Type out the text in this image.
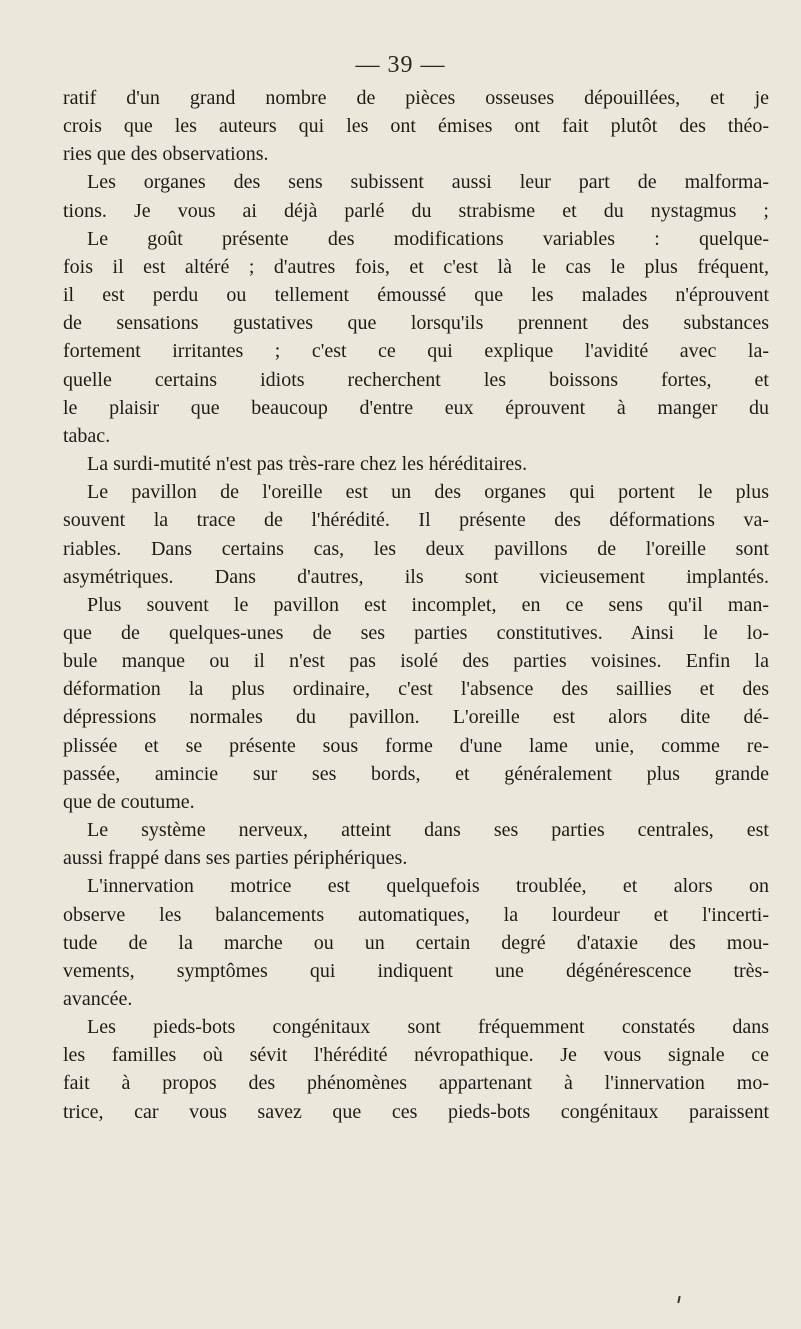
— 39 —

ratif d'un grand nombre de pièces osseuses dépouillées, et je

crois que les auteurs qui les ont émises ont fait plutôt des théo-

ries que des observations.

Les organes des sens subissent aussi leur part de malforma-

tions. Je vous ai déjà parlé du strabisme et du nystagmus ;

Le goût présente des modifications variables : quelque-

fois il est altéré ; d'autres fois, et c'est là le cas le plus fréquent,

il est perdu ou tellement émoussé que les malades n'éprouvent

de sensations gustatives que lorsqu'ils prennent des substances

fortement irritantes ; c'est ce qui explique l'avidité avec la-

quelle certains idiots recherchent les boissons fortes, et

le plaisir que beaucoup d'entre eux éprouvent à manger du

tabac.

La surdi-mutité n'est pas très-rare chez les héréditaires.

Le pavillon de l'oreille est un des organes qui portent le plus

souvent la trace de l'hérédité. Il présente des déformations va-

riables. Dans certains cas, les deux pavillons de l'oreille sont

asymétriques. Dans d'autres, ils sont vicieusement implantés.

Plus souvent le pavillon est incomplet, en ce sens qu'il man-

que de quelques-unes de ses parties constitutives. Ainsi le lo-

bule manque ou il n'est pas isolé des parties voisines. Enfin la

déformation la plus ordinaire, c'est l'absence des saillies et des

dépressions normales du pavillon. L'oreille est alors dite dé-

plissée et se présente sous forme d'une lame unie, comme re-

passée, amincie sur ses bords, et généralement plus grande

que de coutume.

Le système nerveux, atteint dans ses parties centrales, est

aussi frappé dans ses parties périphériques.

L'innervation motrice est quelquefois troublée, et alors on

observe les balancements automatiques, la lourdeur et l'incerti-

tude de la marche ou un certain degré d'ataxie des mou-

vements, symptômes qui indiquent une dégénérescence très-

avancée.

Les pieds-bots congénitaux sont fréquemment constatés dans

les familles où sévit l'hérédité névropathique. Je vous signale ce

fait à propos des phénomènes appartenant à l'innervation mo-

trice, car vous savez que ces pieds-bots congénitaux paraissent
